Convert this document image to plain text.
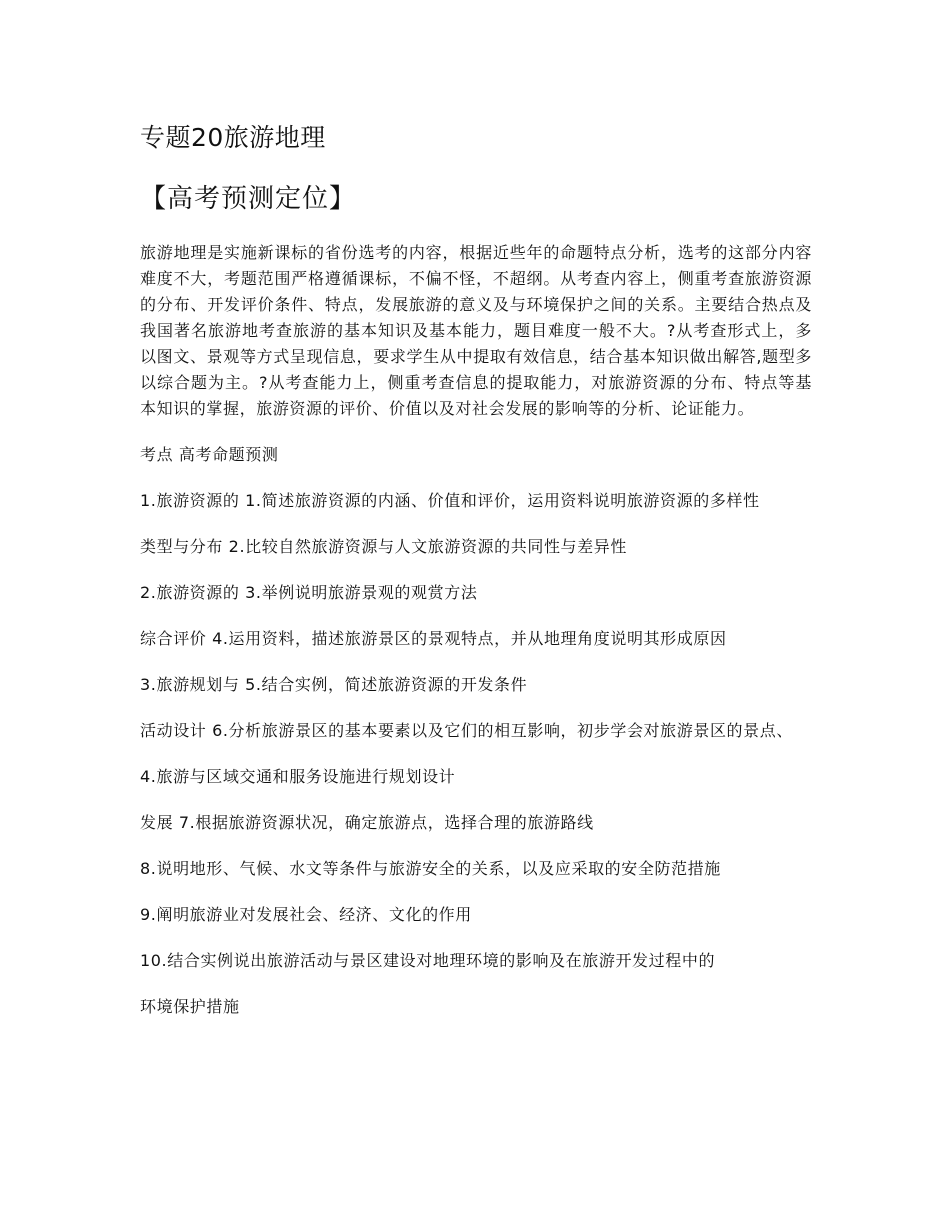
专题20旅游地理
【高考预测定位】

旅游地理是实施新课标的省份选考的内容，根据近些年的命题特点分析，选考的这部分内容难度不大，考题范围严格遵循课标，不偏不怪，不超纲。从考查内容上，侧重考查旅游资源的分布、开发评价条件、特点，发展旅游的意义及与环境保护之间的关系。主要结合热点及我国著名旅游地考查旅游的基本知识及基本能力，题目难度一般不大。?从考查形式上，多以图文、景观等方式呈现信息，要求学生从中提取有效信息，结合基本知识做出解答,题型多以综合题为主。?从考查能力上，侧重考查信息的提取能力，对旅游资源的分布、特点等基本知识的掌握，旅游资源的评价、价值以及对社会发展的影响等的分析、论证能力。

考点 高考命题预测

1.旅游资源的 1.简述旅游资源的内涵、价值和评价，运用资料说明旅游资源的多样性

类型与分布 2.比较自然旅游资源与人文旅游资源的共同性与差异性

2.旅游资源的 3.举例说明旅游景观的观赏方法

综合评价 4.运用资料，描述旅游景区的景观特点，并从地理角度说明其形成原因

3.旅游规划与 5.结合实例，简述旅游资源的开发条件

活动设计 6.分析旅游景区的基本要素以及它们的相互影响，初步学会对旅游景区的景点、

4.旅游与区域交通和服务设施进行规划设计

发展 7.根据旅游资源状况，确定旅游点，选择合理的旅游路线

8.说明地形、气候、水文等条件与旅游安全的关系，以及应采取的安全防范措施

9.阐明旅游业对发展社会、经济、文化的作用

10.结合实例说出旅游活动与景区建设对地理环境的影响及在旅游开发过程中的

环境保护措施
